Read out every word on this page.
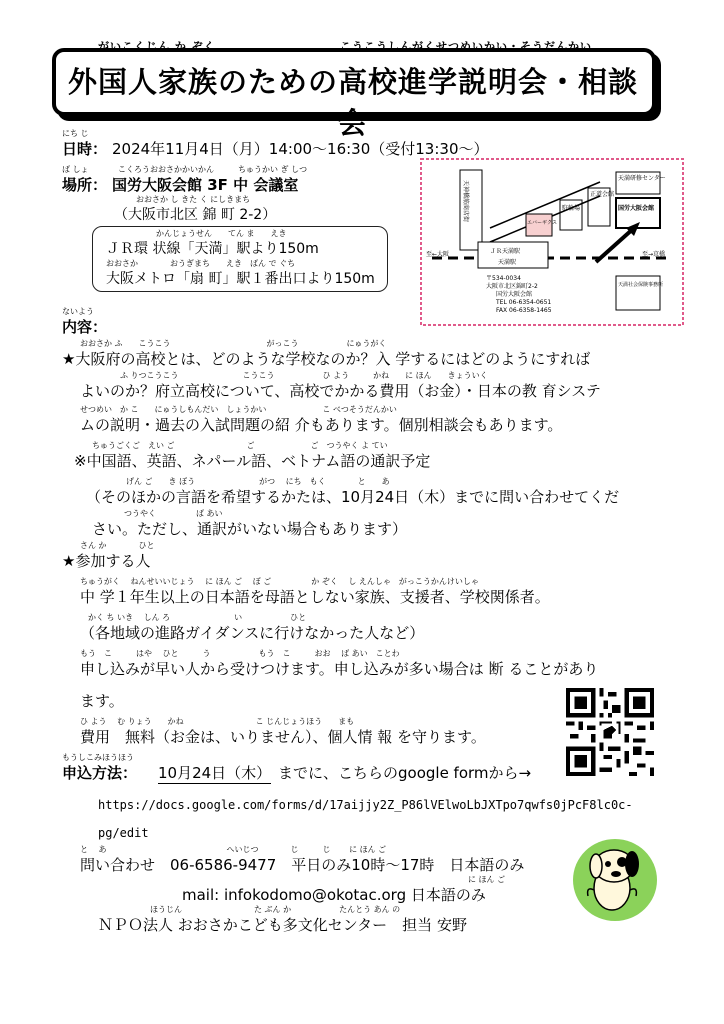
がいこくじん か ぞく	こうこうしんがくせつめいかい・そうだんかい
外国人家族のための高校進学説明会・相談会
にち じ
日時： 2024年11月4日（月）14:00～16:30（受付13:30～）
ば しょ	こくろうおおさかかいかん　　　ちゅうかい ぎ しつ
場所： 国労大阪会館 3F 中 会議室
おおさか し きた く にしきまち
（大阪市北区 錦 町 2-2）
かんじょうせん　　てん ま　　えき
ＪＲ環 状線「天満」駅より150m
おおさか　　　　おうぎまち　　えき　ばん で ぐち
大阪メトロ「扇 町」駅１番出口より150m
天神橋筋商店街
天満研修センター
国労大阪会館
正道会館
駐輪場
エバーギクス
ＪＲ天満駅
天満駅
至←大阪	至→京橋
天満社会保険事務所
〒534-0034
大阪市北区錦町2-2
国労大阪会館
TEL 06-6354-0651
FAX 06-6358-1465
ないよう
内容：
おおさか ふ　　こうこう　　　　　　　　　　　　がっこう　　　　　　にゅうがく
★大阪府の高校とは、どのような学校なのか？入 学するにはどのようにすれば
　　　　　ふ りつこうこう　　　　　　　　こうこう　　　　　　ひ よう　　　かね　　に ほん　　きょういく
よいのか？府立高校について、高校でかかる費用（お金）・日本の教 育システ
せつめい　か こ　　にゅうしもんだい　しょうかい　　　　　　　こ べつそうだんかい
ムの説明・過去の入試問題の紹 介もあります。個別相談会もあります。
ちゅうごくご　えい ご　　　　　　　　　ご　　　　　　　ご　つうやく よ てい
※中国語、英語、ネパール語、ベトナム語の通訳予定
　　　　　げん ご　　き ぼう　　　　　　　　がつ　 にち　もく　　　　と　　あ
（そのほかの言語を希望するかたは、10月24日（木）までに問い合わせてくだ
　　　　つうやく　　　　　ば あい
さい。ただし、通訳がいない場合もあります）
さん か　　　　ひと
★参加する人
ちゅうがく　 ねんせいいじょう　 に ほん ご　 ぼ ご　　　　　か ぞく　 し えんしゃ　がっこうかんけいしゃ
中 学１年生以上の日本語を母語としない家族、支援者、学校関係者。
　かく ち いき　 しん ろ　　　　　　　　い　　　　　　ひと
（各地域の進路ガイダンスに行けなかった人など）
もう　こ　　　はや　 ひと　　　う　　　　　　もう　こ　　　おお　 ば あい　ことわ
申し込みが早い人から受けつけます。申し込みが多い場合は 断 ることがあり
ます。
ひ よう　 む りょう　　かね　　　　　　　　　こ じんじょうほう　　まも
費用　無料（お金は、いりません）、個人情 報 を守ります。
もうしこみほうほう
申込方法： 10月24日（木） までに、こちらのgoogle formから→
https://docs.google.com/forms/d/17aijjy2Z_P86lVElwoLbJXTpo7qwfs0jPcF8lc0c-
pg/edit
と　 あ　　　　　　　　　　　　　　　へいじつ　　　　じ　　　じ　　 に ほん ご
問い合わせ　06-6586-9477　平日のみ10時～17時　日本語のみ
に ほん ご
mail: infokodomo@okotac.org 日本語のみ
ほうじん　　　　　　　　　た ぶん か　　　　　　たんとう あん の
ＮＰＯ法人 おおさかこども多文化センター　担当 安野
